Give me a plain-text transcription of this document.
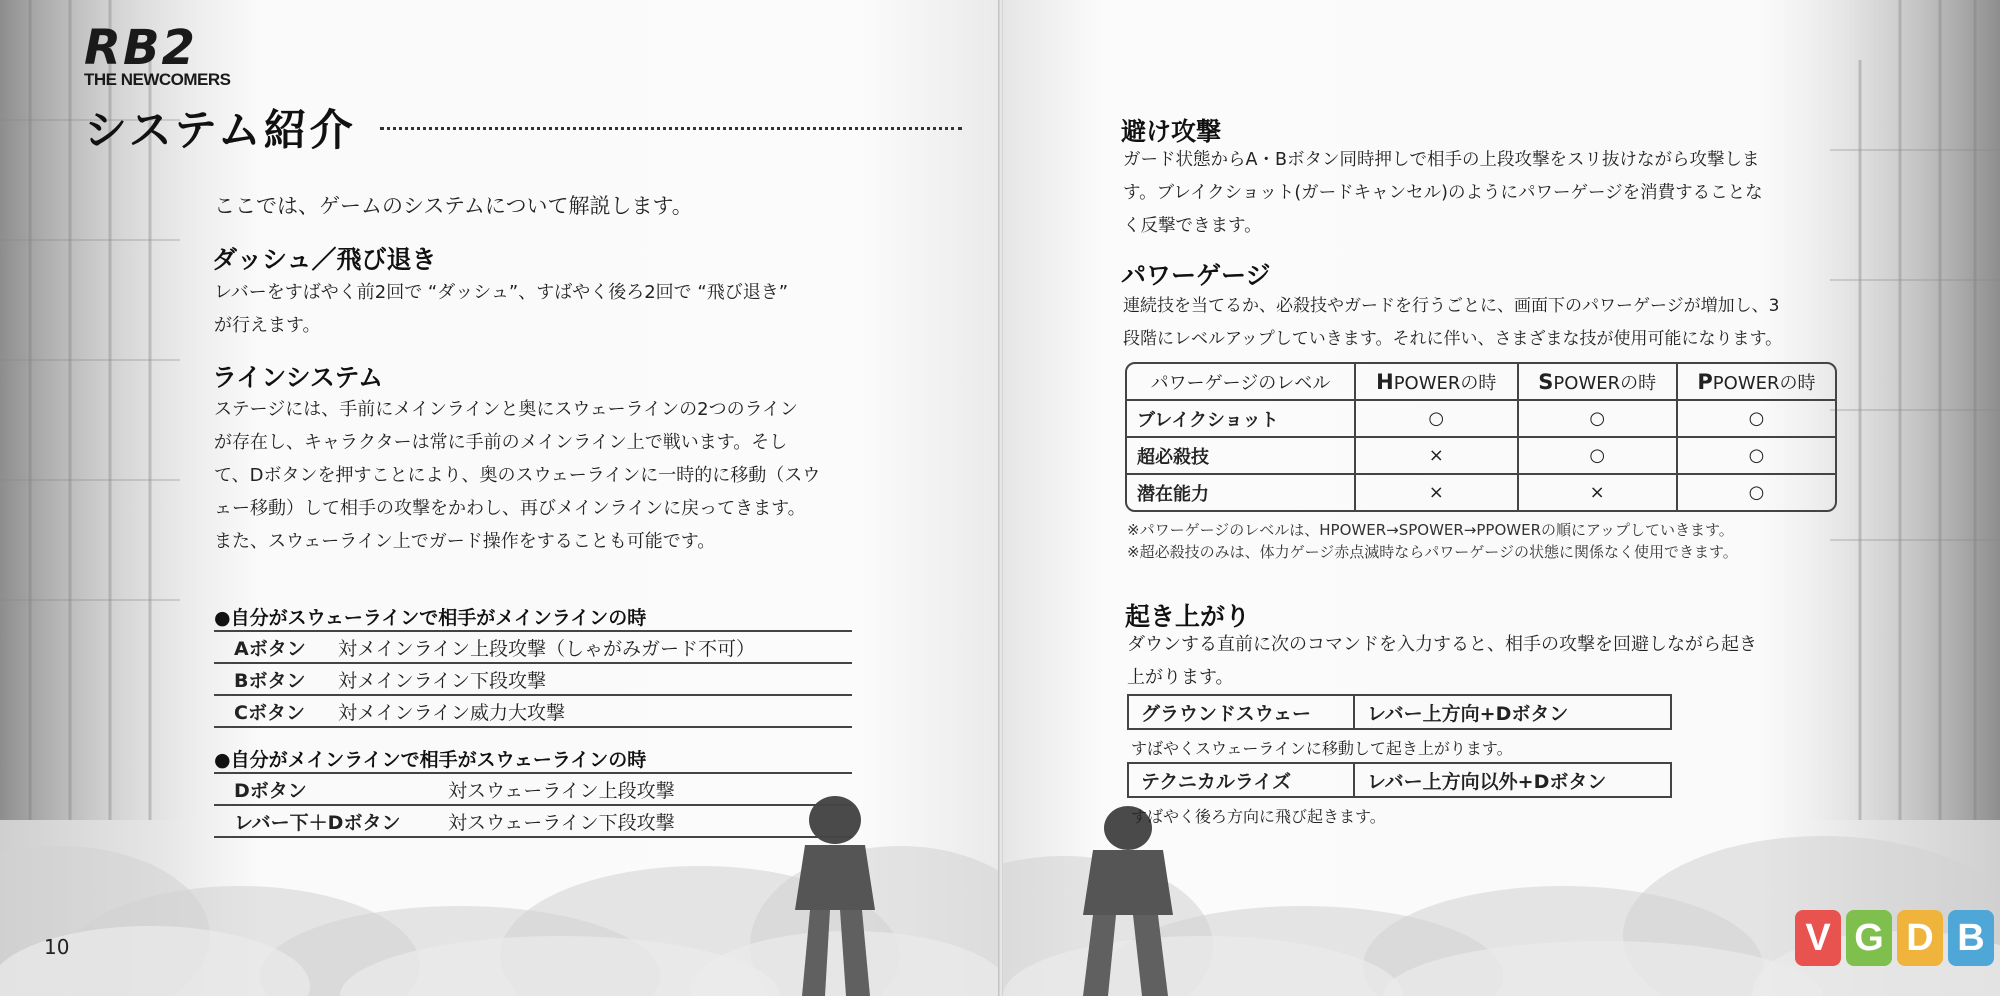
RB2
THE NEWCOMERS
システム紹介
ここでは、ゲームのシステムについて解説します。
ダッシュ／飛び退き
レバーをすばやく前2回で “ダッシュ”、すばやく後ろ2回で “飛び退き”
が行えます。
ラインシステム
ステージには、手前にメインラインと奥にスウェーラインの2つのライン
が存在し、キャラクターは常に手前のメインライン上で戦います。そし
て、Dボタンを押すことにより、奥のスウェーラインに一時的に移動（スウ
ェー移動）して相手の攻撃をかわし、再びメインラインに戻ってきます。
また、スウェーライン上でガード操作をすることも可能です。
●自分がスウェーラインで相手がメインラインの時
Aボタン	対メインライン上段攻撃（しゃがみガード不可）
Bボタン	対メインライン下段攻撃
Cボタン	対メインライン威力大攻撃
●自分がメインラインで相手がスウェーラインの時
Dボタン	対スウェーライン上段攻撃
レバー下＋Dボタン	対スウェーライン下段攻撃
10
避け攻撃
ガード状態からA・Bボタン同時押しで相手の上段攻撃をスリ抜けながら攻撃しま
す。ブレイクショット(ガードキャンセル)のようにパワーゲージを消費することな
く反撃できます。
パワーゲージ
連続技を当てるか、必殺技やガードを行うごとに、画面下のパワーゲージが増加し、3
段階にレベルアップしていきます。それに伴い、さまざまな技が使用可能になります。
パワーゲージのレベル	HPOWERの時	SPOWERの時	PPOWERの時
ブレイクショット	○	○	○
超必殺技	×	○	○
潜在能力	×	×	○
※パワーゲージのレベルは、HPOWER→SPOWER→PPOWERの順にアップしていきます。
※超必殺技のみは、体力ゲージ赤点滅時ならパワーゲージの状態に関係なく使用できます。
起き上がり
ダウンする直前に次のコマンドを入力すると、相手の攻撃を回避しながら起き
上がります。
グラウンドスウェー	レバー上方向+Dボタン
すばやくスウェーラインに移動して起き上がります。
テクニカルライズ	レバー上方向以外+Dボタン
すばやく後ろ方向に飛び起きます。
V G D B
